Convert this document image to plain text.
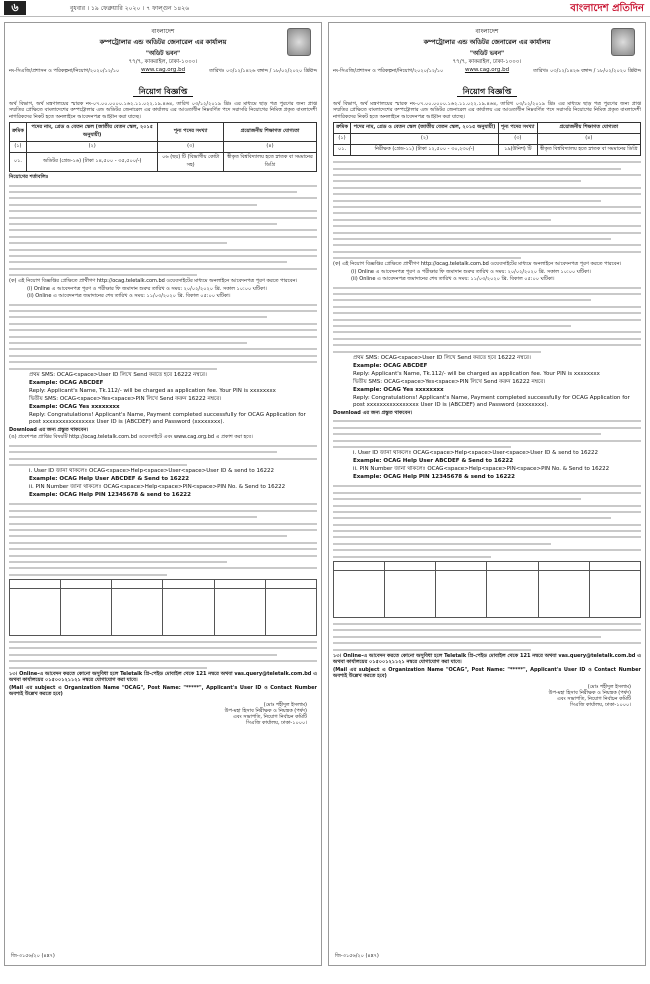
৬	বুধবার । ১৯ ফেব্রুয়ারি ২০২০ । ৭ ফাল্গুন ১৪২৬	বাংলাদেশ প্রতিদিন
বাংলাদেশ
কম্পট্রোলার এন্ড অডিটর জেনারেল এর কার্যালয়
"অডিট ভবন"
৭৭/৭, কাকরাইল, ঢাকা-১০০০।
www.cag.org.bd
নং-সিএজি/প্রশাসন ও পরিকল্পনা/নিয়োগ/২০২০/১২/১০	তারিখঃ ০৩/১২/১৪২৬ বঙ্গাব্দ / ১৮/০২/২০২০ খ্রিষ্টাব্দ
নিয়োগ বিজ্ঞপ্তি

অর্থ বিভাগ, অর্থ মন্ত্রণালয়ের স্মারক নং-০৭.০০.০০০০.১৬২.১১.০২২.১৯.৪৬৪, তারিখ ০৩/১২/২০১৯ খ্রিঃ এর মাধ্যমে ছাড় পত্র পুরণের জন্য প্রাপ্ত সম্মতির প্রেক্ষিতে বাংলাদেশের কম্পট্রোলার এন্ড অডিটর জেনারেল এর কার্যালয় এর আওতাধীন নিম্নবর্ণিত পদে সরাসরি নিয়োগের নিমিত্ত প্রকৃত বাংলাদেশী নাগরিকদের নিকট হতে অনলাইনে আবেদনপত্র আহ্বান করা যাচ্ছে।

ক্রমিক	পদের নাম, গ্রেড ও বেতন স্কেল (জাতীয় বেতন স্কেল, ২০১৫ অনুযায়ী)	শূন্য পদের সংখ্যা	প্রয়োজনীয় শিক্ষাগত যোগ্যতা
(১)	(২)	(৩)	(৪)
০১.	অডিটর (গ্রেড-১৬) (টাকা ১৪,৫০০ - ৩৫,৫০০/-)	০৬ (ছয়) টি (বিভাগীয় কোটা সহ)	স্বীকৃত বিশ্ববিদ্যালয় হতে স্নাতক বা সমমানের ডিগ্রি

নিয়োগের শর্তাবলিঃ

(ক) এই নিয়োগ বিজ্ঞপ্তির প্রেক্ষিতে প্রার্থীগণ http://ocag.teletalk.com.bd ওয়েবসাইটের মাধ্যমে অনলাইনে আবেদনপত্র পূরণ করতে পারবেন।

(i) Online এ আবেদনপত্র পূরণ ও পরীক্ষার ফি জমাদান শুরুর তারিখ ও সময়: ২০/০২/২০২০ খ্রি. সকাল ১০:০০ ঘটিকা।

(ii) Online এ আবেদনপত্র জমাদানের শেষ তারিখ ও সময়: ১১/০৩/২০২০ খ্রি. বিকাল ০৫:০০ ঘটিকা।

প্রথম SMS: OCAG<space>User ID লিখে Send করতে হবে 16222 নম্বরে।

Example: OCAG ABCDEF

Reply: Applicant's Name, Tk.112/- will be charged as application fee. Your PIN is xxxxxxxx

দ্বিতীয় SMS: OCAG<space>Yes<space>PIN লিখে Send করুন 16222 নম্বরে।

Example: OCAG Yes xxxxxxxx

Reply: Congratulations! Applicant's Name, Payment completed successfully for OCAG Application for post xxxxxxxxxxxxxxxx User ID is (ABCDEF) and Password (xxxxxxxx).

Download এর জন্য প্রস্তুত থাকবেন।

(ঙ) প্রবেশপত্র প্রাপ্তির বিষয়টি http://ocag.teletalk.com.bd ওয়েবসাইটে এবং www.cag.org.bd এ প্রকাশ করা হবে।

i. User ID জানা থাকলেঃ OCAG<space>Help<space>User<space>User ID & send to 16222

Example: OCAG Help User ABCDEF & Send to 16222

ii. PIN Number জানা থাকলেঃ OCAG<space>Help<space>PIN<space>PIN No. & Send to 16222

Example: OCAG Help PIN 12345678 & send to 16222

১৩। Online-এ আবেদন করতে কোনো অসুবিধা হলে Teletalk প্রি-পেইড মোবাইল থেকে 121 নম্বরে অথবা vas.query@teletalk.com.bd এ অথবা কার্যালয়ের ০১৫০০১২১১২১ নম্বরে যোগাযোগ করা যাবে।

(Mail এর subject এ Organization Name "OCAG", Post Name: "*****", Applicant's User ID ও Contact Number অবশ্যই উল্লেখ করতে হবে)

(মোঃ শহীদুল ইসলাম)
উপ-মহা হিসাব নিরীক্ষক ও নিয়ন্ত্রক (পর্ষদ)
এবং সভাপতি, নিয়োগ নির্বাচন কমিটি
সিএজি কার্যালয়, ঢাকা-১০০০।
জি-৩১৫৬/২০ (৪x৭)
বাংলাদেশ
কম্পট্রোলার এন্ড অডিটর জেনারেল এর কার্যালয়
"অডিট ভবন"
৭৭/৭, কাকরাইল, ঢাকা-১০০০।
www.cag.org.bd
নং-সিএজি/প্রশাসন ও পরিকল্পনা/নিয়োগ/২০২০/১২/১০	তারিখঃ ০৩/১২/১৪২৬ বঙ্গাব্দ / ১৮/০২/২০২০ খ্রিষ্টাব্দ
নিয়োগ বিজ্ঞপ্তি

অর্থ বিভাগ, অর্থ মন্ত্রণালয়ের স্মারক নং-০৭.০০.০০০০.১৬২.১১.০২২.১৯.৪৬৪, তারিখ ০৩/১২/২০১৯ খ্রিঃ এর মাধ্যমে ছাড় পত্র পুরণের জন্য প্রাপ্ত সম্মতির প্রেক্ষিতে বাংলাদেশের কম্পট্রোলার এন্ড অডিটর জেনারেল এর কার্যালয় এর আওতাধীন নিম্নবর্ণিত পদে সরাসরি নিয়োগের নিমিত্ত প্রকৃত বাংলাদেশী নাগরিকদের নিকট হতে অনলাইনে আবেদনপত্র আহ্বান করা যাচ্ছে।

ক্রমিক	পদের নাম, গ্রেড ও বেতন স্কেল (জাতীয় বেতন স্কেল, ২০১৫ অনুযায়ী)	শূন্য পদের সংখ্যা	প্রয়োজনীয় শিক্ষাগত যোগ্যতা
(১)	(২)	(৩)	(৪)
০১.	নিরীক্ষক (গ্রেড-১১) (টাকা ১২,৫০০ - ৩০,২৩০/-)	১৯(উনিশ) টি	স্বীকৃত বিশ্ববিদ্যালয় হতে স্নাতক বা সমমানের ডিগ্রি

(ক) এই নিয়োগ বিজ্ঞপ্তির প্রেক্ষিতে প্রার্থীগণ http://ocag.teletalk.com.bd ওয়েবসাইটের মাধ্যমে অনলাইনে আবেদনপত্র পূরণ করতে পারবেন।

(i) Online এ আবেদনপত্র পূরণ ও পরীক্ষার ফি জমাদান শুরুর তারিখ ও সময়: ২০/০২/২০২০ খ্রি. সকাল ১০:০০ ঘটিকা।

(ii) Online এ আবেদনপত্র জমাদানের শেষ তারিখ ও সময়: ১১/০৩/২০২০ খ্রি. বিকাল ০৫:০০ ঘটিকা।

প্রথম SMS: OCAG<space>User ID লিখে Send করতে হবে 16222 নম্বরে।

Example: OCAG ABCDEF

Reply: Applicant's Name, Tk.112/- will be charged as application fee. Your PIN is xxxxxxxx

দ্বিতীয় SMS: OCAG<space>Yes<space>PIN লিখে Send করুন 16222 নম্বরে।

Example: OCAG Yes xxxxxxxx

Reply: Congratulations! Applicant's Name, Payment completed successfully for OCAG Application for post xxxxxxxxxxxxxxxx User ID is (ABCDEF) and Password (xxxxxxxx).

Download এর জন্য প্রস্তুত থাকবেন।

i. User ID জানা থাকলেঃ OCAG<space>Help<space>User<space>User ID & send to 16222

Example: OCAG Help User ABCDEF & Send to 16222

ii. PIN Number জানা থাকলেঃ OCAG<space>Help<space>PIN<space>PIN No. & Send to 16222

Example: OCAG Help PIN 12345678 & send to 16222

১৩। Online-এ আবেদন করতে কোনো অসুবিধা হলে Teletalk প্রি-পেইড মোবাইল থেকে 121 নম্বরে অথবা vas.query@teletalk.com.bd এ অথবা কার্যালয়ের ০১৫০০১২১১২১ নম্বরে যোগাযোগ করা যাবে।

(Mail এর subject এ Organization Name "OCAG", Post Name: "*****", Applicant's User ID ও Contact Number অবশ্যই উল্লেখ করতে হবে)

(মোঃ শহীদুল ইসলাম)
উপ-মহা হিসাব নিরীক্ষক ও নিয়ন্ত্রক (পর্ষদ)
এবং সভাপতি, নিয়োগ নির্বাচন কমিটি
সিএজি কার্যালয়, ঢাকা-১০০০।
জি-৩১৫৬/২০ (৪x৭)
